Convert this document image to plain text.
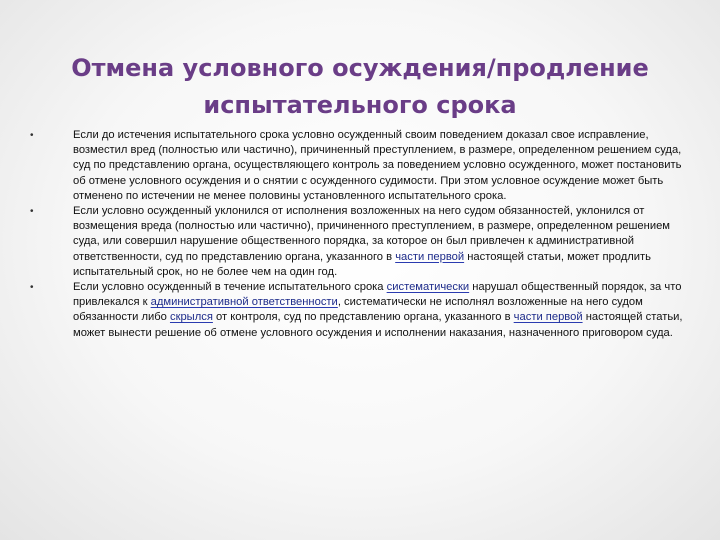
Отмена условного осуждения/продление
испытательного срока
•	Если до истечения испытательного срока условно осужденный своим поведением доказал свое исправление, возместил вред (полностью или частично), причиненный преступлением, в размере, определенном решением суда, суд по представлению органа, осуществляющего контроль за поведением условно осужденного, может постановить об отмене условного осуждения и о снятии с осужденного судимости. При этом условное осуждение может быть отменено по истечении не менее половины установленного испытательного срока.
•	Если условно осужденный уклонился от исполнения возложенных на него судом обязанностей, уклонился от возмещения вреда (полностью или частично), причиненного преступлением, в размере, определенном решением суда, или совершил нарушение общественного порядка, за которое он был привлечен к административной ответственности, суд по представлению органа, указанного в части первой настоящей статьи, может продлить испытательный срок, но не более чем на один год.
•	Если условно осужденный в течение испытательного срока систематически нарушал общественный порядок, за что привлекался к административной ответственности, систематически не исполнял возложенные на него судом обязанности либо скрылся от контроля, суд по представлению органа, указанного в части первой настоящей статьи, может вынести решение об отмене условного осуждения и исполнении наказания, назначенного приговором суда.
